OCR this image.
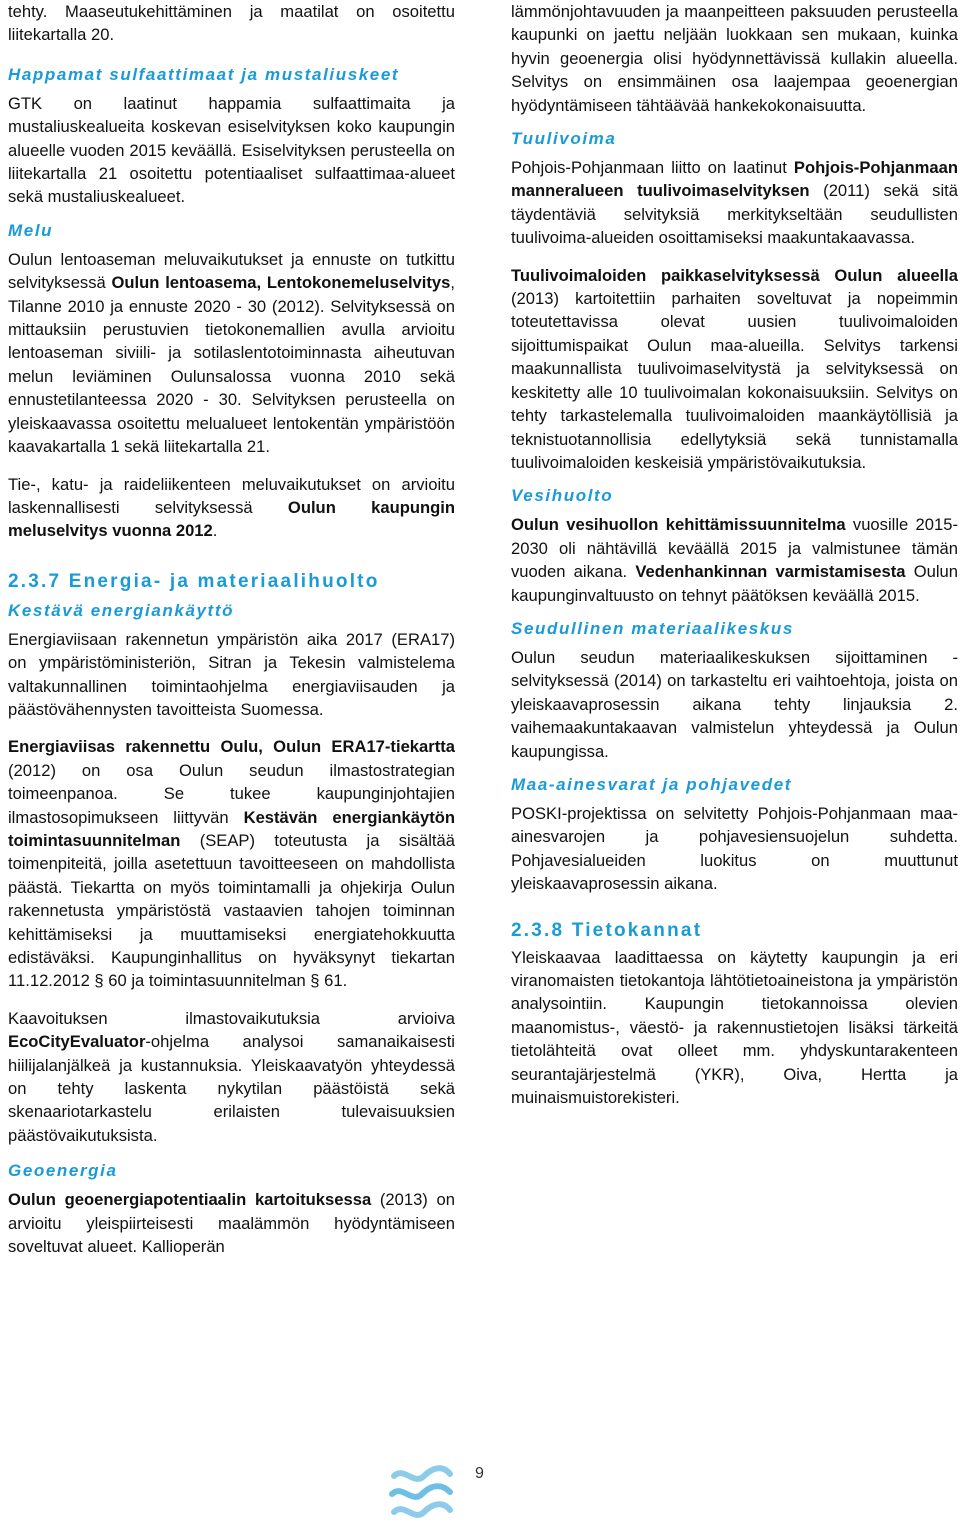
tehty. Maaseutukehittäminen ja maatilat on osoitettu liitekartalla 20.

Happamat sulfaattimaat ja mustaliuskeet

GTK on laatinut happamia sulfaattimaita ja mustaliuskealueita koskevan esiselvityksen koko kaupungin alueelle vuoden 2015 keväällä. Esiselvityksen perusteella on liitekartalla 21 osoitettu potentiaaliset sulfaattimaa-alueet sekä mustaliuskealueet.

Melu

Oulun lentoaseman meluvaikutukset ja ennuste on tutkittu selvityksessä Oulun lentoasema, Lentokonemeluselvitys, Tilanne 2010 ja ennuste 2020 - 30 (2012). Selvityksessä on mittauksiin perustuvien tietokonemallien avulla arvioitu lentoaseman siviili- ja sotilaslentotoiminnasta aiheutuvan melun leviäminen Oulunsalossa vuonna 2010 sekä ennustetilanteessa 2020 - 30. Selvityksen perusteella on yleiskaavassa osoitettu melualueet lentokentän ympäristöön kaavakartalla 1 sekä liitekartalla 21.

Tie-, katu- ja raideliikenteen meluvaikutukset on arvioitu laskennallisesti selvityksessä Oulun kaupungin meluselvitys vuonna 2012.

2.3.7 Energia- ja materiaalihuolto
Kestävä energiankäyttö

Energiaviisaan rakennetun ympäristön aika 2017 (ERA17) on ympäristöministeriön, Sitran ja Tekesin valmistelema valtakunnallinen toimintaohjelma energiaviisauden ja päästövähennysten tavoitteista Suomessa.

Energiaviisas rakennettu Oulu, Oulun ERA17-tiekartta (2012) on osa Oulun seudun ilmastostrategian toimeenpanoa. Se tukee kaupunginjohtajien ilmastosopimukseen liittyvän Kestävän energiankäytön toimintasuunnitelman (SEAP) toteutusta ja sisältää toimenpiteitä, joilla asetettuun tavoitteeseen on mahdollista päästä. Tiekartta on myös toimintamalli ja ohjekirja Oulun rakennetusta ympäristöstä vastaavien tahojen toiminnan kehittämiseksi ja muuttamiseksi energiatehokkuutta edistäväksi. Kaupunginhallitus on hyväksynyt tiekartan 11.12.2012 § 60 ja toimintasuunnitelman § 61.

Kaavoituksen ilmastovaikutuksia arvioiva EcoCityEvaluator-ohjelma analysoi samanaikaisesti hiilijalanjälkeä ja kustannuksia. Yleiskaavatyön yhteydessä on tehty laskenta nykytilan päästöistä sekä skenaariotarkastelu erilaisten tulevaisuuksien päästövaikutuksista.

Geoenergia

Oulun geoenergiapotentiaalin kartoituksessa (2013) on arvioitu yleispiirteisesti maalämmön hyödyntämiseen soveltuvat alueet. Kallioperän

lämmönjohtavuuden ja maanpeitteen paksuuden perusteella kaupunki on jaettu neljään luokkaan sen mukaan, kuinka hyvin geoenergia olisi hyödynnettävissä kullakin alueella. Selvitys on ensimmäinen osa laajempaa geoenergian hyödyntämiseen tähtäävää hankekokonaisuutta.

Tuulivoima

Pohjois-Pohjanmaan liitto on laatinut Pohjois-Pohjanmaan manneralueen tuulivoimaselvityksen (2011) sekä sitä täydentäviä selvityksiä merkitykseltään seudullisten tuulivoima-alueiden osoittamiseksi maakuntakaavassa.

Tuulivoimaloiden paikkaselvityksessä Oulun alueella (2013) kartoitettiin parhaiten soveltuvat ja nopeimmin toteutettavissa olevat uusien tuulivoimaloiden sijoittumispaikat Oulun maa-alueilla. Selvitys tarkensi maakunnallista tuulivoimaselvitystä ja selvityksessä on keskitetty alle 10 tuulivoimalan kokonaisuuksiin. Selvitys on tehty tarkastelemalla tuulivoimaloiden maankäytöllisiä ja teknistuotannollisia edellytyksiä sekä tunnistamalla tuulivoimaloiden keskeisiä ympäristövaikutuksia.

Vesihuolto

Oulun vesihuollon kehittämissuunnitelma vuosille 2015-2030 oli nähtävillä keväällä 2015 ja valmistunee tämän vuoden aikana. Vedenhankinnan varmistamisesta Oulun kaupunginvaltuusto on tehnyt päätöksen keväällä 2015.

Seudullinen materiaalikeskus

Oulun seudun materiaalikeskuksen sijoittaminen -selvityksessä (2014) on tarkasteltu eri vaihtoehtoja, joista on yleiskaavaprosessin aikana tehty linjauksia 2. vaihemaakuntakaavan valmistelun yhteydessä ja Oulun kaupungissa.

Maa-ainesvarat ja pohjavedet

POSKI-projektissa on selvitetty Pohjois-Pohjanmaan maa-ainesvarojen ja pohjavesiensuojelun suhdetta. Pohjavesialueiden luokitus on muuttunut yleiskaavaprosessin aikana.

2.3.8 Tietokannat

Yleiskaavaa laadittaessa on käytetty kaupungin ja eri viranomaisten tietokantoja lähtötietoaineistona ja ympäristön analysointiin. Kaupungin tietokannoissa olevien maanomistus-, väestö- ja rakennustietojen lisäksi tärkeitä tietolähteitä ovat olleet mm. yhdyskuntarakenteen seurantajärjestelmä (YKR), Oiva, Hertta ja muinaismuistorekisteri.

9
